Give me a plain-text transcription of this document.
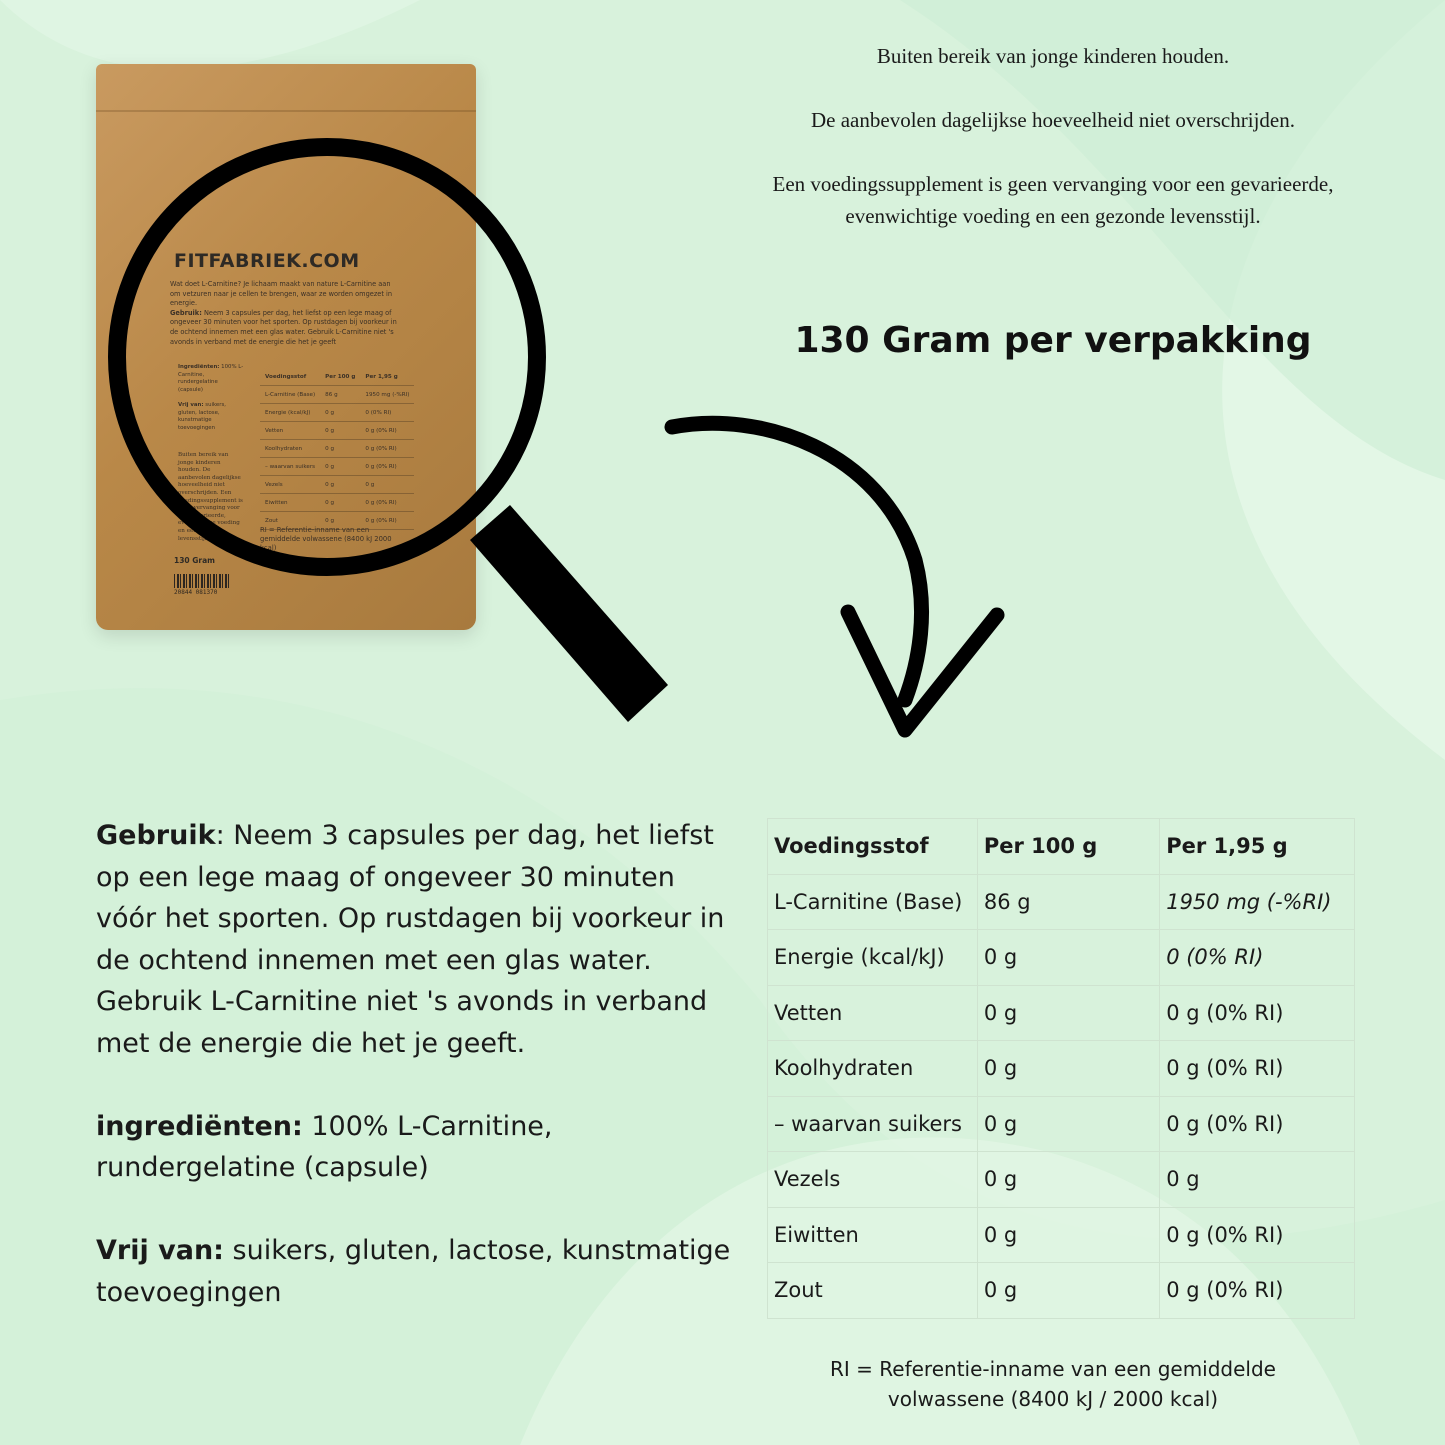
FITFABRIEK.COM
Wat doet L-Carnitine? Je lichaam maakt van nature L-Carnitine aan om vetzuren naar je cellen te brengen, waar ze worden omgezet in energie.
Gebruik: Neem 3 capsules per dag, het liefst op een lege maag of ongeveer 30 minuten voor het sporten. Op rustdagen bij voorkeur in de ochtend innemen met een glas water. Gebruik L-Carnitine niet 's avonds in verband met de energie die het je geeft

Ingrediënten: 100% L-Carnitine, rundergelatine (capsule)

Vrij van: suikers, gluten, lactose, kunstmatige toevoegingen
Buiten bereik van jonge kinderen houden. De aanbevolen dagelijkse hoeveelheid niet overschrijden. Een voedingssupplement is geen vervanging voor een gevarieerde, evenwichtige voeding en een gezonde levensstijl.
Voedingsstof	Per 100 g	Per 1,95 g
L-Carnitine (Base)	86 g	1950 mg (-%RI)
Energie (kcal/kJ)	0 g	0 (0% RI)
Vetten	0 g	0 g (0% RI)
Koolhydraten	0 g	0 g (0% RI)
– waarvan suikers	0 g	0 g (0% RI)
Vezels	0 g	0 g
Eiwitten	0 g	0 g (0% RI)
Zout	0 g	0 g (0% RI)
RI = Referentie-inname van een gemiddelde volwassene (8400 kJ 2000 kcal)
130 Gram
20844 081370

Buiten bereik van jonge kinderen houden.

De aanbevolen dagelijkse hoeveelheid niet overschrijden.

Een voedingssupplement is geen vervanging voor een gevarieerde, evenwichtige voeding en een gezonde levensstijl.

130 Gram per verpakking

Gebruik: Neem 3 capsules per dag, het liefst op een lege maag of ongeveer 30 minuten vóór het sporten. Op rustdagen bij voorkeur in de ochtend innemen met een glas water. Gebruik L-Carnitine niet 's avonds in verband met de energie die het je geeft.

ingrediënten: 100% L-Carnitine, rundergelatine (capsule)

Vrij van: suikers, gluten, lactose, kunstmatige toevoegingen

Voedingsstof	Per 100 g	Per 1,95 g
L-Carnitine (Base)	86 g	1950 mg (-%RI)
Energie (kcal/kJ)	0 g	0 (0% RI)
Vetten	0 g	0 g (0% RI)
Koolhydraten	0 g	0 g (0% RI)
– waarvan suikers	0 g	0 g (0% RI)
Vezels	0 g	0 g
Eiwitten	0 g	0 g (0% RI)
Zout	0 g	0 g (0% RI)
RI = Referentie-inname van een gemiddelde volwassene (8400 kJ / 2000 kcal)
